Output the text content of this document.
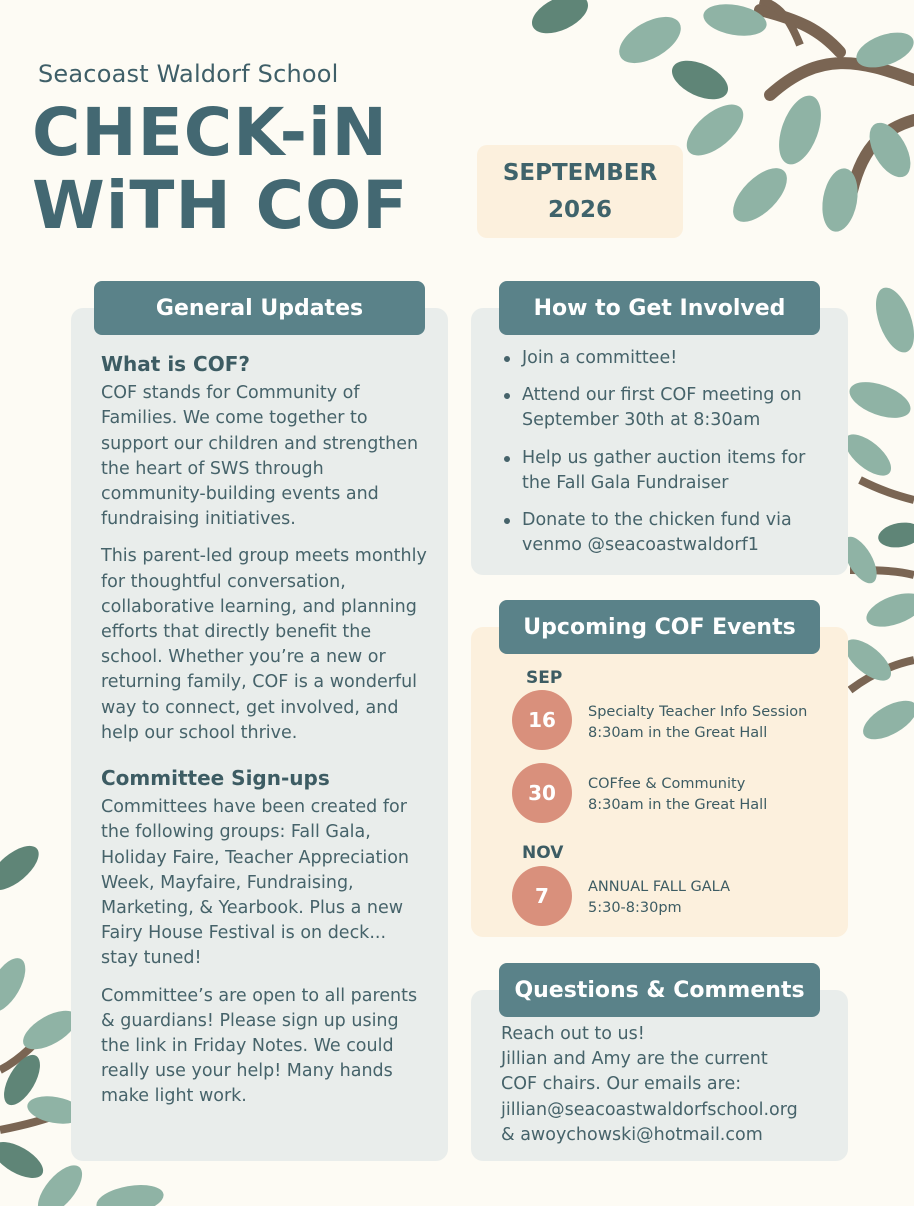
Seacoast Waldorf School
CHECK-iN
WiTH COF	SEPTEMBER
2026
General Updates
What is COF?

COF stands for Community of Families. We come together to support our children and strengthen the heart of SWS through community-building events and fundraising initiatives.

This parent-led group meets monthly for thoughtful conversation, collaborative learning, and planning efforts that directly benefit the school. Whether you’re a new or returning family, COF is a wonderful way to connect, get involved, and help our school thrive.

Committee Sign-ups

Committees have been created for the following groups: Fall Gala, Holiday Faire, Teacher Appreciation Week, Mayfaire, Fundraising, Marketing, & Yearbook. Plus a new Fairy House Festival is on deck... stay tuned!

Committee’s are open to all parents & guardians! Please sign up using the link in Friday Notes. We could really use your help! Many hands make light work.

How to Get Involved
Join a committee!
Attend our first COF meeting on September 30th at 8:30am
Help us gather auction items for the Fall Gala Fundraiser
Donate to the chicken fund via venmo @seacoastwaldorf1
Upcoming COF Events
SEP
16	Specialty Teacher Info Session
8:30am in the Great Hall
30	COFfee & Community
8:30am in the Great Hall
NOV
7	ANNUAL FALL GALA
5:30-8:30pm
Questions & Comments
Reach out to us!
Jillian and Amy are the current
COF chairs. Our emails are:
jillian@seacoastwaldorfschool.org
& awoychowski@hotmail.com
